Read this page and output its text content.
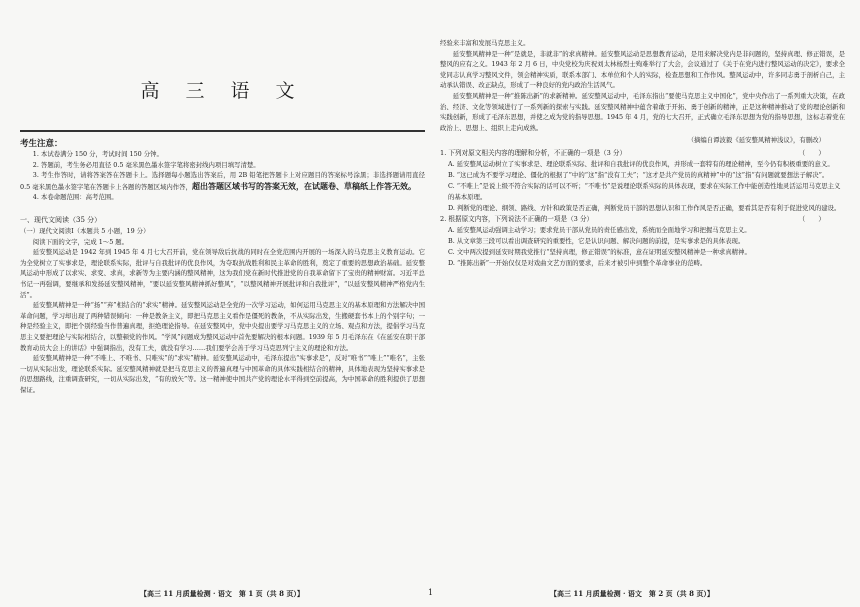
高 三 语 文
考生注意：

1. 本试卷满分 150 分，考试时间 150 分钟。

2. 答题前，考生务必用直径 0.5 毫米黑色墨水签字笔将密封线内项目填写清楚。

3. 考生作答时，请将答案答在答题卡上。选择题每小题选出答案后，用 2B 铅笔把答题卡上对应题目的答案标号涂黑；非选择题请用直径 0.5 毫米黑色墨水签字笔在答题卡上各题的答题区域内作答，超出答题区域书写的答案无效，在试题卷、草稿纸上作答无效。

4. 本卷命题范围：高考范围。

一、现代文阅读（35 分）

（一）现代文阅读Ⅰ（本题共 5 小题，19 分）

阅读下面的文字，完成 1～5 题。

延安整风运动是 1942 年到 1945 年 4 月七大召开前，党在领导敌后抗战的同时在全党范围内开展的一场深入的马克思主义教育运动。它为全党树立了实事求是，理论联系实际，批评与自我批评的优良作风，为夺取抗战胜利和民主革命的胜利，奠定了重要的思想政治基础。延安整风运动中形成了以求实、求变、求真，求新等为主要内涵的整风精神，这为我们党在新时代推进党的自我革命留下了宝贵的精神财富。习近平总书记一再强调，要继承和发扬延安整风精神，“要以延安整风精神抓好整风”，“以整风精神开展批评和自我批评”，“以延安整风精神严格党内生活”。

延安整风精神是一种“扬”“弃”相结合的“求实”精神。延安整风运动是全党的一次学习运动，如何运用马克思主义的基本原理和方法解决中国革命问题，学习却出现了两种错误倾向：一种是教条主义，即把马克思主义看作是僵死的教条，不从实际出发，生搬硬套书本上的个别字句；一种是经验主义，即把个别经验当作普遍真理，拒绝理论指导。在延安整风中，党中央提出要学习马克思主义的立场、观点和方法，提倡学习马克思主义要把理论与实际相结合，以整顿党的作风。“学风”问题成为整风运动中首先要解决的根本问题。1939 年 5 月毛泽东在《在延安在职干部教育动员大会上的讲话》中强调指出，没有工夫，就没有学习……我们要学会善于学习马克思列宁主义的理论和方法。

延安整风精神是一种“不唯上、不唯书、只唯实”的“求实”精神。延安整风运动中，毛泽东提出“实事求是”，反对“唯书”“唯上”“唯名”，主张一切从实际出发，理论联系实际。延安整风精神就是把马克思主义的普遍真理与中国革命的具体实践相结合的精神，具体地表现为坚持实事求是的思想路线，注重调查研究，一切从实际出发，“有的放矢”等。这一精神使中国共产党的理论水平得到空前提高，为中国革命的胜利提供了思想保证。

【高三 11 月质量检测 · 语文　第 1 页（共 8 页）】

经验来丰富和发展马克思主义。

延安整风精神是一种“是就是，非就非”的求真精神。延安整风运动是思想教育运动，是用来解决党内是非问题的，坚持真理、修正错误，是整风的应有之义。1943 年 2 月 6 日，中央党校为庆祝刘太林杨烈士殉难举行了大会，会议通过了《关于在党内进行整风运动的决定》，要求全党同志认真学习整风文件，领会精神实质，联系本部门、本单位和个人的实际，检查思想和工作作风。整风运动中，许多同志勇于剖析自己，主动承认错误、改正缺点，形成了一种良好的党内政治生活风气。

延安整风精神是一种“推陈出新”的求新精神。延安整风运动中，毛泽东指出“要使马克思主义中国化”，党中央作出了一系列重大决策，在政治、经济、文化等领域进行了一系列新的探索与实践。延安整风精神中蕴含着敢于开拓、勇于创新的精神，正是这种精神推动了党的理论创新和实践创新，形成了毛泽东思想，并使之成为党的指导思想。1945 年 4 月，党的七大召开，正式确立毛泽东思想为党的指导思想，这标志着党在政治上、思想上、组织上走向成熟。

（摘编自谭波毅《延安整风精神浅议》，有删改）

1. 下列对原文相关内容的理解和分析，不正确的一项是（3 分）	（　　）

A. 延安整风运动树立了实事求是、理论联系实际、批评和自我批评的优良作风，并形成一套特有的理论精神，至今仍有积极重要的意义。

B. “这已成为不要学习理论、僵化的根据了”中的“这”指“没有工夫”；“这才是共产党员的真精神”中的“这”指“有问题就要想法子解决”。

C. “不唯上”是说上级不符合实际的话可以不听；“不唯书”是说理论联系实际的具体表现，要求在实际工作中能创造性地灵活运用马克思主义的基本原理。

D. 判断党的理论、纲领、路线、方针和政策是否正确，判断党员干部的思想认识和工作作风是否正确，要看其是否有利于促进党风的建设。

2. 根据原文内容，下列说法不正确的一项是（3 分）	（　　）

A. 延安整风运动强调主动学习；要求党员干部从党员的责任感出发，系统而全面地学习和把握马克思主义。

B. 从文章第三段可以看出调查研究的重要性，它是认识问题、解决问题的前提，是实事求是的具体表现。

C. 文中两次提到延安时期我党推行“坚持真理，修正错误”的标准，意在证明延安整风精神是一种求真精神。

D. “推陈出新”一开始仅仅是对戏曲文艺方面的要求，后来才被引申到整个革命事业的范畴。

【高三 11 月质量检测 · 语文　第 2 页（共 8 页）】
1
